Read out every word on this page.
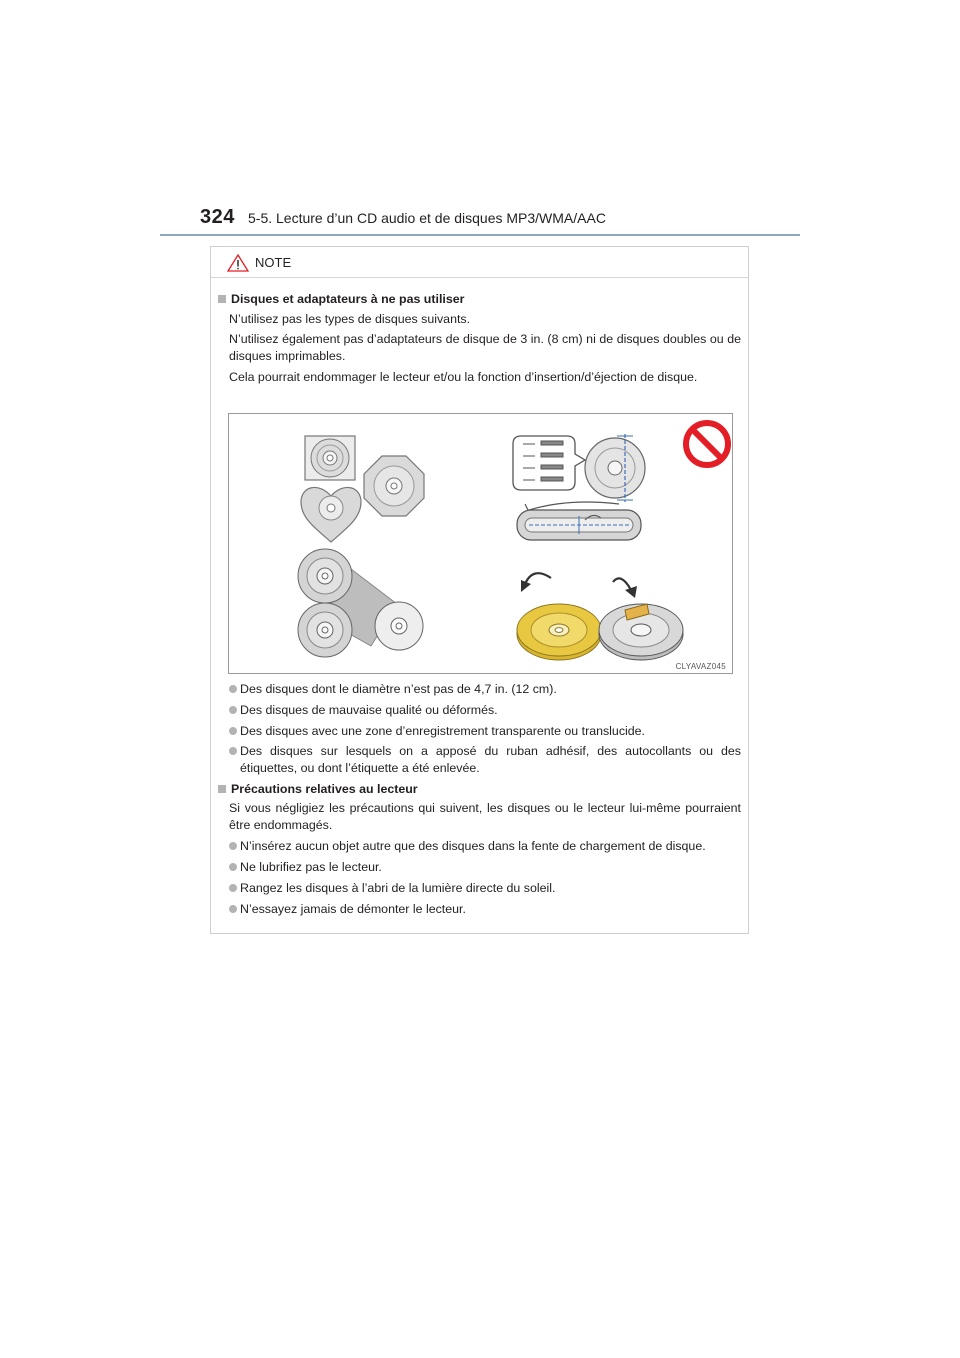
324 5-5. Lecture d’un CD audio et de disques MP3/WMA/AAC
NOTE
Disques et adaptateurs à ne pas utiliser
N’utilisez pas les types de disques suivants.
N’utilisez également pas d’adaptateurs de disque de 3 in. (8 cm) ni de disques doubles ou de disques imprimables.
Cela pourrait endommager le lecteur et/ou la fonction d’insertion/d’éjection de disque.
CLYAVAZ045
Des disques dont le diamètre n’est pas de 4,7 in. (12 cm).
Des disques de mauvaise qualité ou déformés.
Des disques avec une zone d’enregistrement transparente ou translucide.
Des disques sur lesquels on a apposé du ruban adhésif, des autocollants ou des étiquettes, ou dont l’étiquette a été enlevée.
Précautions relatives au lecteur
Si vous négligiez les précautions qui suivent, les disques ou le lecteur lui-même pourraient être endommagés.
N’insérez aucun objet autre que des disques dans la fente de chargement de disque.
Ne lubrifiez pas le lecteur.
Rangez les disques à l’abri de la lumière directe du soleil.
N’essayez jamais de démonter le lecteur.
